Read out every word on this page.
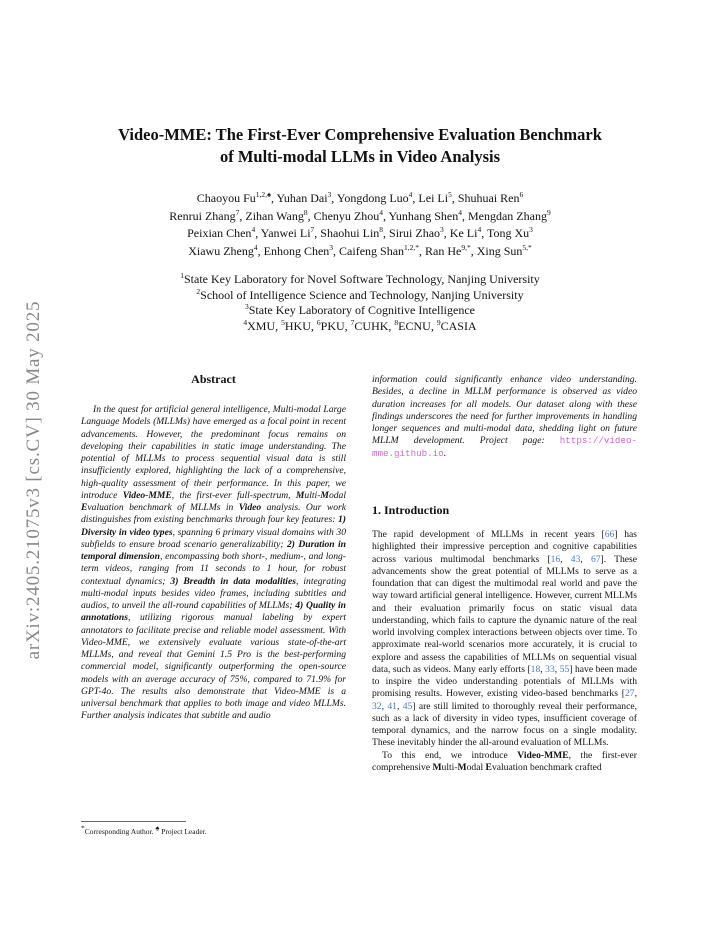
arXiv:2405.21075v3 [cs.CV] 30 May 2025
Video-MME: The First-Ever Comprehensive Evaluation Benchmark
of Multi-modal LLMs in Video Analysis
Chaoyou $Fu^{1,2,♠}$, Yuhan Dai$^3$, Yongdong Luo$^4$, Lei Li$^5$, Shuhuai Ren$^6$
Renrui Zhang$^7$, Zihan Wang$^8$, Chenyu Zhou$^4$, Yunhang Shen$^4$, Mengdan Zhang$^9$
Peixian Chen$^4$, Yanwei Li$^7$, Shaohui Lin$^8$, Sirui Zhao$^3$, Ke Li$^4$, Tong Xu$^3$
Xiawu Zheng$^4$, Enhong Chen$^3$, Caifeng Shan$^{1,2,*}$, Ran $He^{9,*}$, Xing Sun$^{5,*}$
$^1$State Key Laboratory for Novel Software Technology, Nanjing University
$^2$School of Intelligence Science and Technology, Nanjing University
$^3$State Key Laboratory of Cognitive Intelligence
$^4$XMU, $^5$HKU, $^6$PKU, $^7$CUHK, $^8$ECNU, $^9$CASIA
Abstract
In the quest for artificial general intelligence, Multi-modal Large Language Models (MLLMs) have emerged as a focal point in recent advancements. However, the predominant focus remains on developing their capabilities in static image understanding. The potential of MLLMs to process sequential visual data is still insufficiently explored, highlighting the lack of a comprehensive, high-quality assessment of their performance. In this paper, we introduce Video-MME, the first-ever full-spectrum, Multi-Modal Evaluation benchmark of MLLMs in Video analysis. Our work distinguishes from existing benchmarks through four key features: 1) Diversity in video types, spanning 6 primary visual domains with 30 subfields to ensure broad scenario generalizability; 2) Duration in temporal dimension, encompassing both short-, medium-, and long-term videos, ranging from 11 seconds to 1 hour, for robust contextual dynamics; 3) Breadth in data modalities, integrating multi-modal inputs besides video frames, including subtitles and audios, to unveil the all-round capabilities of MLLMs; 4) Quality in annotations, utilizing rigorous manual labeling by expert annotators to facilitate precise and reliable model assessment. With Video-MME, we extensively evaluate various state-of-the-art MLLMs, and reveal that Gemini 1.5 Pro is the best-performing commercial model, significantly outperforming the open-source models with an average accuracy of 75%, compared to 71.9% for GPT-4o. The results also demonstrate that Video-MME is a universal benchmark that applies to both image and video MLLMs. Further analysis indicates that subtitle and audio
information could significantly enhance video understanding. Besides, a decline in MLLM performance is observed as video duration increases for all models. Our dataset along with these findings underscores the need for further improvements in handling longer sequences and multi-modal data, shedding light on future MLLM development. Project page: https://video-mme.github.io.
1. Introduction

The rapid development of MLLMs in recent years [66] has highlighted their impressive perception and cognitive capabilities across various multimodal benchmarks [16, 43, 67]. These advancements show the great potential of MLLMs to serve as a foundation that can digest the multimodal real world and pave the way toward artificial general intelligence. However, current MLLMs and their evaluation primarily focus on static visual data understanding, which fails to capture the dynamic nature of the real world involving complex interactions between objects over time. To approximate real-world scenarios more accurately, it is crucial to explore and assess the capabilities of MLLMs on sequential visual data, such as videos. Many early efforts [18, 33, 55] have been made to inspire the video understanding potentials of MLLMs with promising results. However, existing video-based benchmarks [27, 32, 41, 45] are still limited to thoroughly reveal their performance, such as a lack of diversity in video types, insufficient coverage of temporal dynamics, and the narrow focus on a single modality. These inevitably hinder the all-around evaluation of MLLMs.

To this end, we introduce Video-MME, the first-ever comprehensive Multi-Modal Evaluation benchmark crafted

*Corresponding Author. ♠ Project Leader.
